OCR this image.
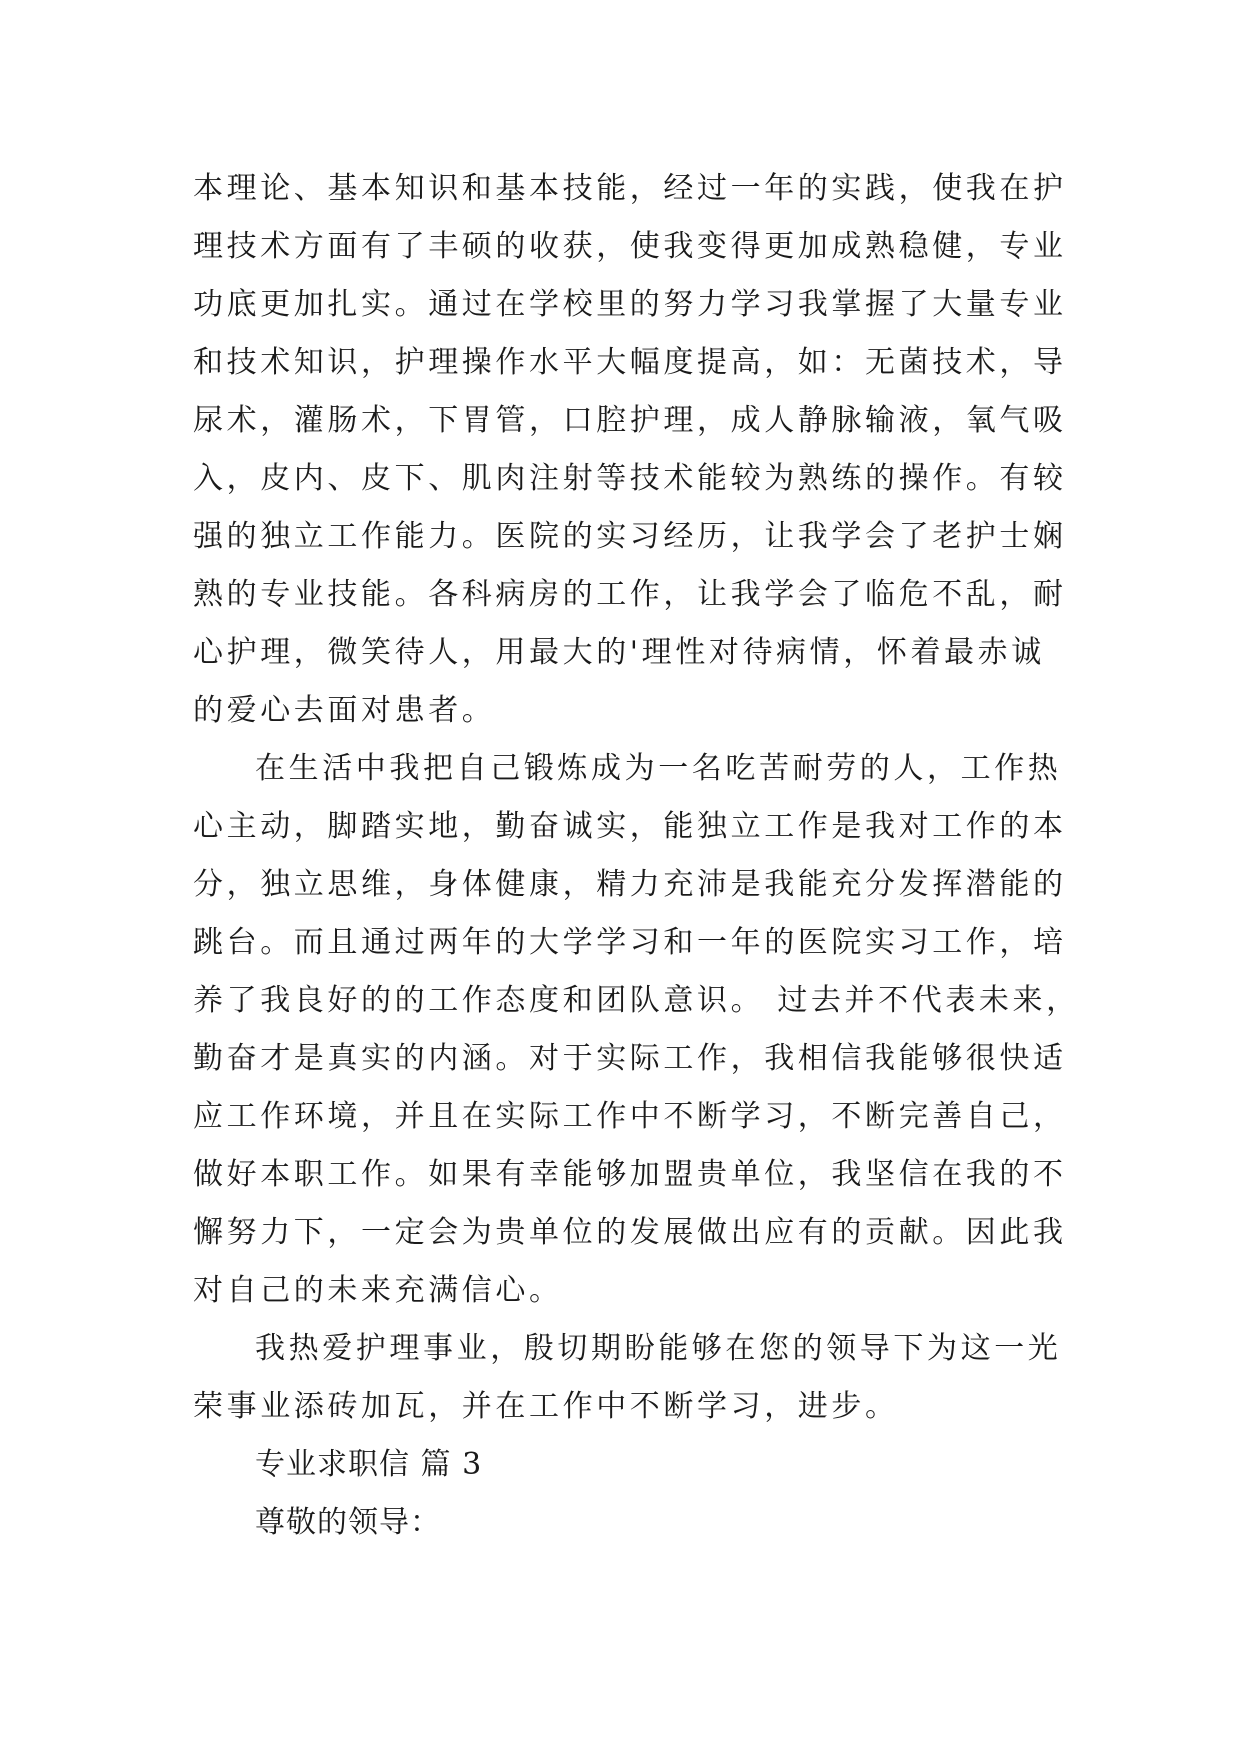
本理论、基本知识和基本技能，经过一年的实践，使我在护
理技术方面有了丰硕的收获，使我变得更加成熟稳健，专业
功底更加扎实。通过在学校里的努力学习我掌握了大量专业
和技术知识，护理操作水平大幅度提高，如：无菌技术，导
尿术，灌肠术，下胃管，口腔护理，成人静脉输液，氧气吸
入，皮内、皮下、肌肉注射等技术能较为熟练的操作。有较
强的独立工作能力。医院的实习经历，让我学会了老护士娴
熟的专业技能。各科病房的工作，让我学会了临危不乱，耐
心护理，微笑待人，用最大的'理性对待病情，怀着最赤诚
的爱心去面对患者。
在生活中我把自己锻炼成为一名吃苦耐劳的人，工作热
心主动，脚踏实地，勤奋诚实，能独立工作是我对工作的本
分，独立思维，身体健康，精力充沛是我能充分发挥潜能的
跳台。而且通过两年的大学学习和一年的医院实习工作，培
养了我良好的的工作态度和团队意识。 过去并不代表未来，
勤奋才是真实的内涵。对于实际工作，我相信我能够很快适
应工作环境，并且在实际工作中不断学习，不断完善自己，
做好本职工作。如果有幸能够加盟贵单位，我坚信在我的不
懈努力下，一定会为贵单位的发展做出应有的贡献。因此我
对自己的未来充满信心。
我热爱护理事业，殷切期盼能够在您的领导下为这一光
荣事业添砖加瓦，并在工作中不断学习，进步。
专业求职信 篇 3
尊敬的领导：
